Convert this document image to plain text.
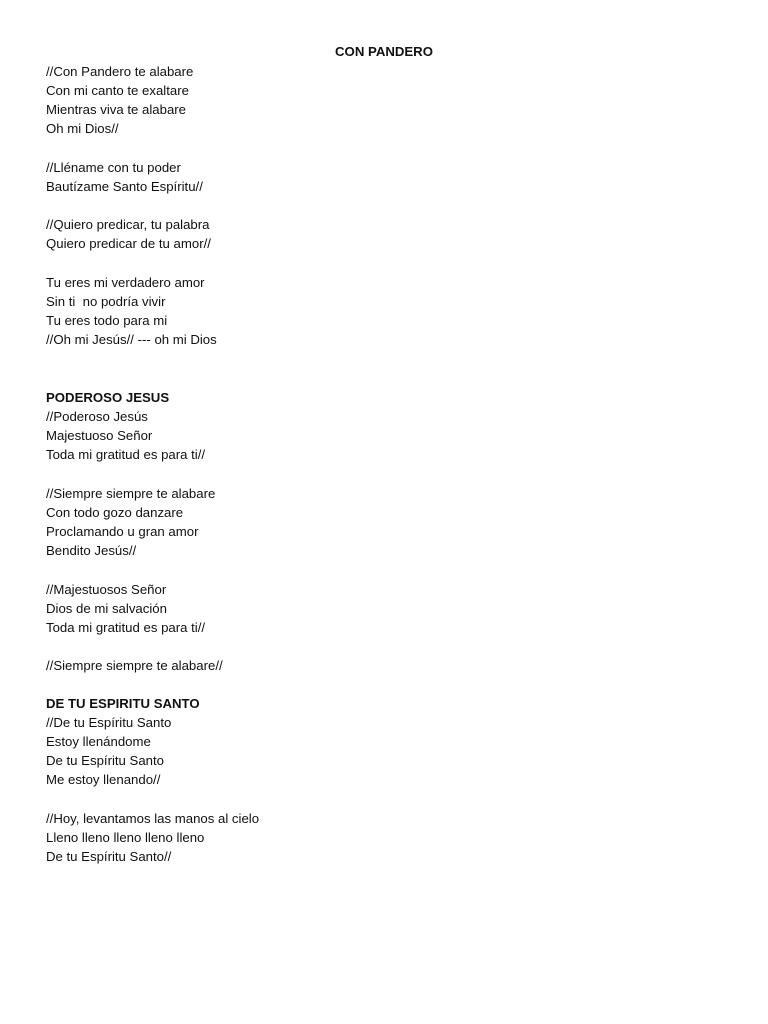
CON PANDERO
//Con Pandero te alabare
Con mi canto te exaltare
Mientras viva te alabare
Oh mi Dios//
//Lléname con tu poder
Bautízame Santo Espíritu//
//Quiero predicar, tu palabra
Quiero predicar de tu amor//
Tu eres mi verdadero amor
Sin ti  no podría vivir
Tu eres todo para mi
//Oh mi Jesús// --- oh mi Dios
PODEROSO JESUS
//Poderoso Jesús
Majestuoso Señor
Toda mi gratitud es para ti//
//Siempre siempre te alabare
Con todo gozo danzare
Proclamando u gran amor
Bendito Jesús//
//Majestuosos Señor
Dios de mi salvación
Toda mi gratitud es para ti//
//Siempre siempre te alabare//
DE TU ESPIRITU SANTO
//De tu Espíritu Santo
Estoy llenándome
De tu Espíritu Santo
Me estoy llenando//
//Hoy, levantamos las manos al cielo
Lleno lleno lleno lleno lleno
De tu Espíritu Santo//
